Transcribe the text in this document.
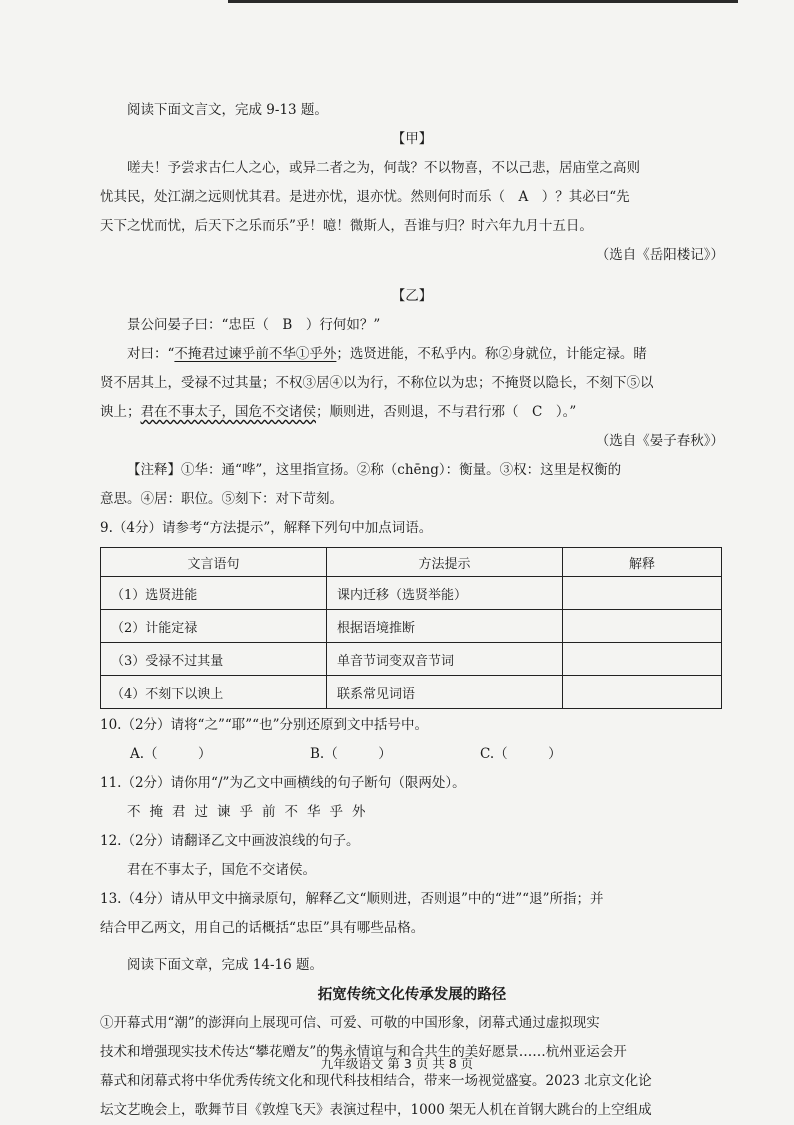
阅读下面文言文，完成 9-13 题。

【甲】

嗟夫！予尝求古仁人之心，或异二者之为，何哉？不以物喜，不以己悲，居庙堂之高则

忧其民，处江湖之远则忧其君。是进亦忧，退亦忧。然则何时而乐（　A　）？其必曰“先

天下之忧而忧，后天下之乐而乐”乎！噫！微斯人，吾谁与归？时六年九月十五日。

（选自《岳阳楼记》）

【乙】

景公问晏子曰：“忠臣（　B　）行何如？”

对曰：“不掩君过谏乎前不华①乎外；选贤进能，不私乎内。称②身就位，计能定禄。睹

贤不居其上，受禄不过其量；不权③居④以为行，不称位以为忠；不掩贤以隐长，不刻下⑤以

谀上；君在不事太子，国危不交诸侯；顺则进，否则退，不与君行邪（　C　）。”

（选自《晏子春秋》）

【注释】①华：通“哗”，这里指宣扬。②称（chēng）：衡量。③权：这里是权衡的

意思。④居：职位。⑤刻下：对下苛刻。

9.（4分）请参考“方法提示”，解释下列句中加点词语。

文言语句	方法提示	解释
（1）选贤进能	课内迁移（选贤举能）	
（2）计能定禄	根据语境推断	
（3）受禄不过其量	单音节词变双音节词	
（4）不刻下以谀上	联系常见词语	

10.（2分）请将“之”“耶”“也”分别还原到文中括号中。

A.（　　　）	B.（　　　）	C.（　　　）

11.（2分）请你用“/”为乙文中画横线的句子断句（限两处）。

不掩君过谏乎前不华乎外

12.（2分）请翻译乙文中画波浪线的句子。

君在不事太子，国危不交诸侯。

13.（4分）请从甲文中摘录原句，解释乙文“顺则进，否则退”中的“进”“退”所指；并

结合甲乙两文，用自己的话概括“忠臣”具有哪些品格。

阅读下面文章，完成 14-16 题。

拓宽传统文化传承发展的路径

①开幕式用“潮”的澎湃向上展现可信、可爱、可敬的中国形象，闭幕式通过虚拟现实

技术和增强现实技术传达“攀花赠友”的隽永情谊与和合共生的美好愿景……杭州亚运会开

幕式和闭幕式将中华优秀传统文化和现代科技相结合，带来一场视觉盛宴。2023 北京文化论

坛文艺晚会上，歌舞节目《敦煌飞天》表演过程中，1000 架无人机在首钢大跳台的上空组成

九年级语文 第 3 页 共 8 页
